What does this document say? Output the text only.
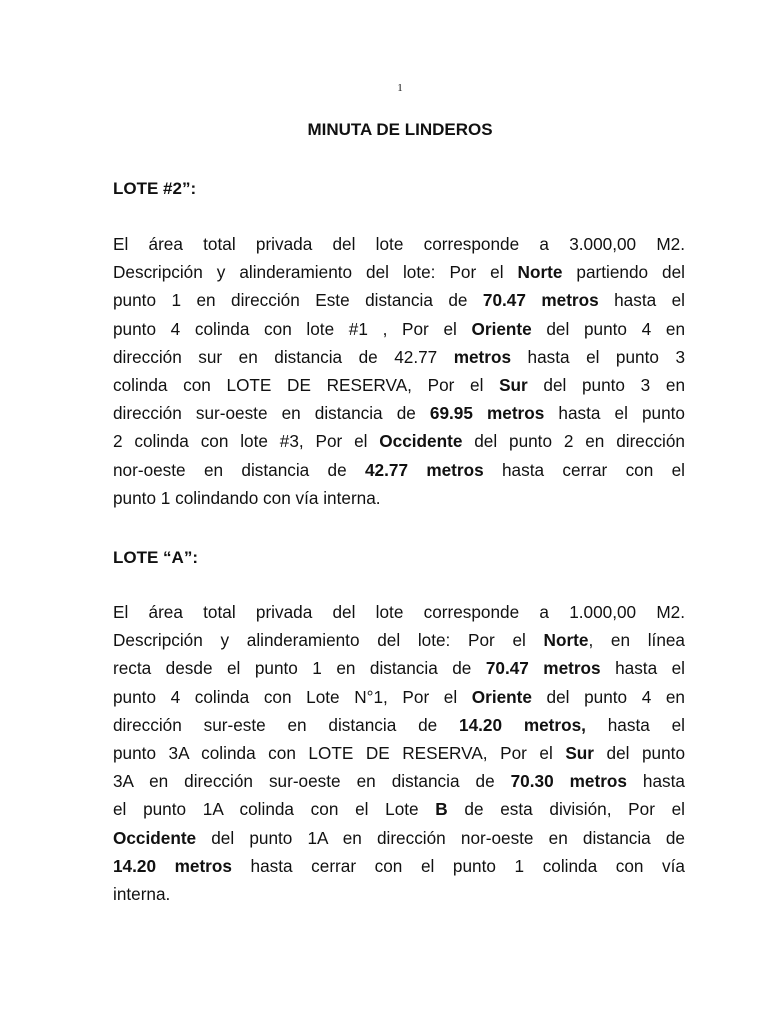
1
MINUTA DE LINDEROS
LOTE #2”:
El área total privada del lote corresponde a 3.000,00 M2.
Descripción y alinderamiento del lote: Por el Norte partiendo del
punto 1 en dirección Este distancia de 70.47 metros hasta el
punto 4 colinda con lote #1 , Por el Oriente del punto 4 en
dirección sur en distancia de 42.77 metros hasta el punto 3
colinda con LOTE DE RESERVA, Por el Sur del punto 3 en
dirección sur-oeste en distancia de 69.95 metros hasta el punto
2 colinda con lote #3, Por el Occidente del punto 2 en dirección
nor-oeste en distancia de 42.77 metros hasta cerrar con el
punto 1 colindando con vía interna.
LOTE “A”:
El área total privada del lote corresponde a 1.000,00 M2.
Descripción y alinderamiento del lote: Por el Norte, en línea
recta desde el punto 1 en distancia de 70.47 metros hasta el
punto 4 colinda con Lote N°1, Por el Oriente del punto 4 en
dirección sur-este en distancia de 14.20 metros, hasta el
punto 3A colinda con LOTE DE RESERVA, Por el Sur del punto
3A en dirección sur-oeste en distancia de 70.30 metros hasta
el punto 1A colinda con el Lote B de esta división, Por el
Occidente del punto 1A en dirección nor-oeste en distancia de
14.20 metros hasta cerrar con el punto 1 colinda con vía
interna.
